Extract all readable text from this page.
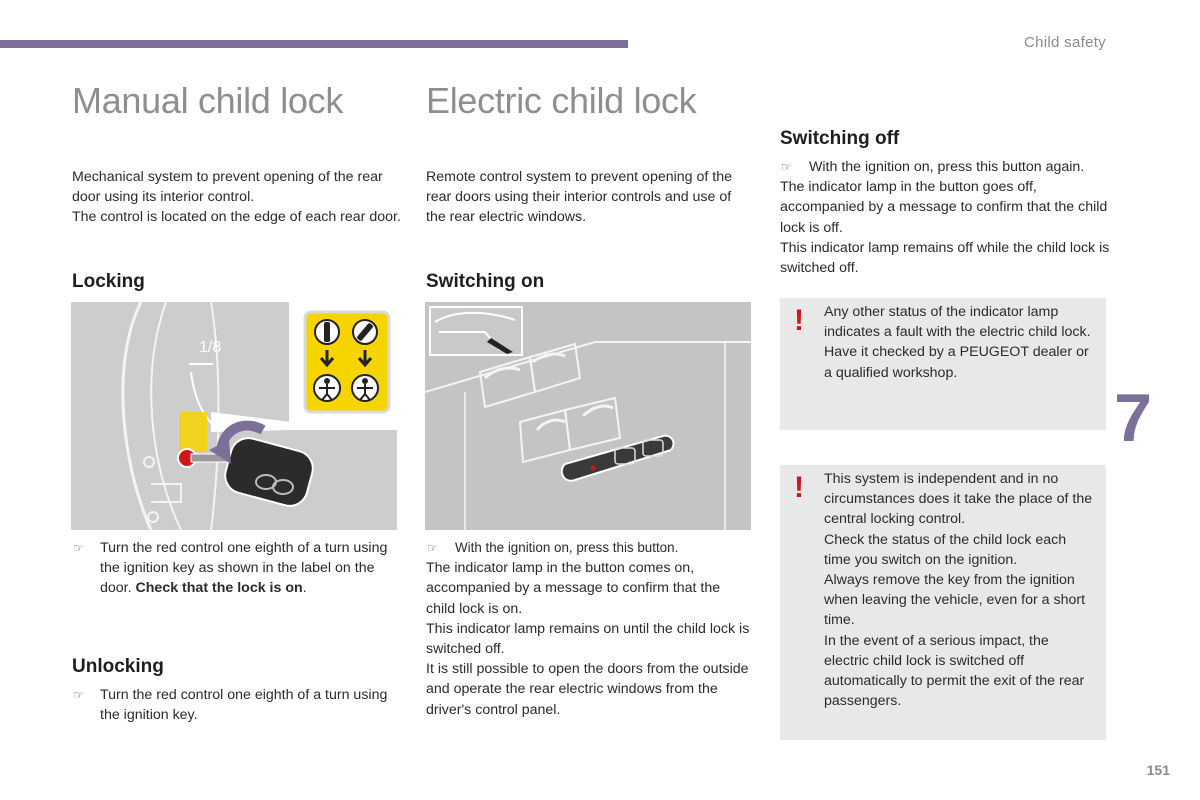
Child safety
7
151
Manual child lock

Mechanical system to prevent opening of the rear door using its interior control.

The control is located on the edge of each rear door.

Locking
1/8

☞ Turn the red control one eighth of a turn using the ignition key as shown in the label on the door. Check that the lock is on.

Unlocking

☞ Turn the red control one eighth of a turn using the ignition key.

Electric child lock

Remote control system to prevent opening of the rear doors using their interior controls and use of the rear electric windows.

Switching on

☞ With the ignition on, press this button.

The indicator lamp in the button comes on, accompanied by a message to confirm that the child lock is on.

This indicator lamp remains on until the child lock is switched off.

It is still possible to open the doors from the outside and operate the rear electric windows from the driver's control panel.

Switching off

☞ With the ignition on, press this button again.

The indicator lamp in the button goes off, accompanied by a message to confirm that the child lock is off.

This indicator lamp remains off while the child lock is switched off.

! Any other status of the indicator lamp indicates a fault with the electric child lock.

Have it checked by a PEUGEOT dealer or a qualified workshop.

! This system is independent and in no circumstances does it take the place of the central locking control.

Check the status of the child lock each time you switch on the ignition.

Always remove the key from the ignition when leaving the vehicle, even for a short time.

In the event of a serious impact, the electric child lock is switched off automatically to permit the exit of the rear passengers.
